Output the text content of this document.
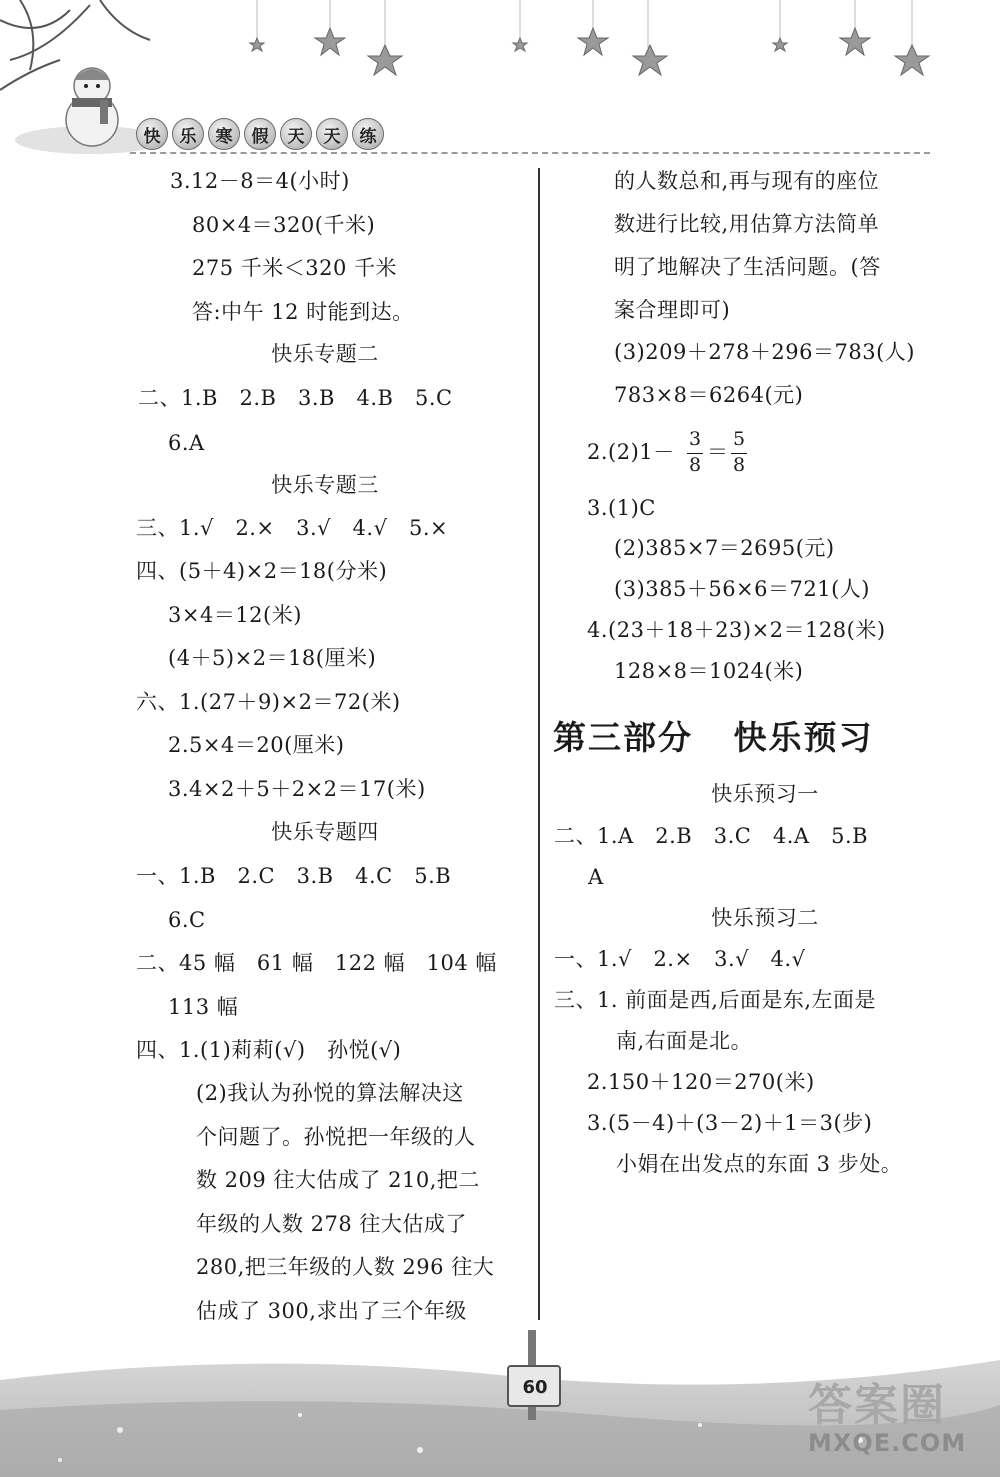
快	乐	寒	假	天	天	练
3.12－8＝4(小时)
80×4＝320(千米)
275 千米＜320 千米
答:中午 12 时能到达。
快乐专题二
二、1.B   2.B   3.B   4.B   5.C
6.A
快乐专题三
三、1.√   2.×   3.√   4.√   5.×
四、(5＋4)×2＝18(分米)
3×4＝12(米)
(4＋5)×2＝18(厘米)
六、1.(27＋9)×2＝72(米)
2.5×4＝20(厘米)
3.4×2＋5＋2×2＝17(米)
快乐专题四
一、1.B   2.C   3.B   4.C   5.B
6.C
二、45 幅   61 幅   122 幅   104 幅
113 幅
四、1.(1)莉莉(√)   孙悦(√)
(2)我认为孙悦的算法解决这
个问题了。孙悦把一年级的人
数 209 往大估成了 210,把二
年级的人数 278 往大估成了
280,把三年级的人数 296 往大
估成了 300,求出了三个年级
的人数总和,再与现有的座位
数进行比较,用估算方法简单
明了地解决了生活问题。(答
案合理即可)
(3)209＋278＋296＝783(人)
783×8＝6264(元)
2.(2)1－
3
8
＝
5
8
3.(1)C
(2)385×7＝2695(元)
(3)385＋56×6＝721(人)
4.(23＋18＋23)×2＝128(米)
128×8＝1024(米)
第三部分   快乐预习
快乐预习一
二、1.A   2.B   3.C   4.A   5.B
A
快乐预习二
一、1.√   2.×   3.√   4.√
三、1. 前面是西,后面是东,左面是
南,右面是北。
2.150＋120＝270(米)
3.(5－4)＋(3－2)＋1＝3(步)
小娟在出发点的东面 3 步处。
60	答案圈
MXQE.COM
